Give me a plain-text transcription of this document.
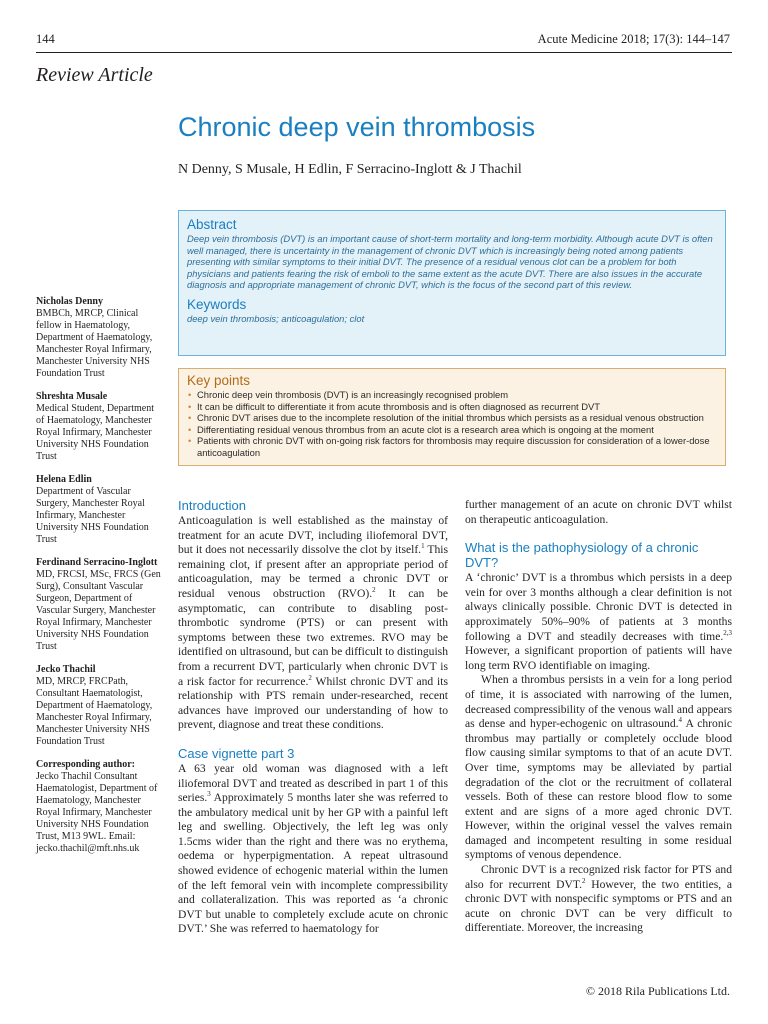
144	Acute Medicine 2018; 17(3): 144–147
Review Article
Chronic deep vein thrombosis
N Denny, S Musale, H Edlin, F Serracino-Inglott & J Thachil
Abstract
Deep vein thrombosis (DVT) is an important cause of short-term mortality and long-term morbidity. Although acute DVT is often well managed, there is uncertainty in the management of chronic DVT which is increasingly being noted among patients presenting with similar symptoms to their initial DVT. The presence of a residual venous clot can be a problem for both physicians and patients fearing the risk of emboli to the same extent as the acute DVT. There are also issues in the accurate diagnosis and appropriate management of chronic DVT, which is the focus of the second part of this review.
Keywords
deep vein thrombosis; anticoagulation; clot
Key points
• Chronic deep vein thrombosis (DVT) is an increasingly recognised problem
• It can be difficult to differentiate it from acute thrombosis and is often diagnosed as recurrent DVT
• Chronic DVT arises due to the incomplete resolution of the initial thrombus which persists as a residual venous obstruction
• Differentiating residual venous thrombus from an acute clot is a research area which is ongoing at the moment
• Patients with chronic DVT with on-going risk factors for thrombosis may require discussion for consideration of a lower-dose anticoagulation
Nicholas Denny
BMBCh, MRCP, Clinical fellow in Haematology, Department of Haematology, Manchester Royal Infirmary, Manchester University NHS Foundation Trust
Shreshta Musale
Medical Student, Department of Haematology, Manchester Royal Infirmary, Manchester University NHS Foundation Trust
Helena Edlin
Department of Vascular Surgery, Manchester Royal Infirmary, Manchester University NHS Foundation Trust
Ferdinand Serracino-Inglott
MD, FRCSI, MSc, FRCS (Gen Surg), Consultant Vascular Surgeon, Department of Vascular Surgery, Manchester Royal Infirmary, Manchester University NHS Foundation Trust
Jecko Thachil
MD, MRCP, FRCPath, Consultant Haematologist, Department of Haematology, Manchester Royal Infirmary, Manchester University NHS Foundation Trust
Corresponding author:
Jecko Thachil Consultant Haematologist, Department of Haematology, Manchester Royal Infirmary, Manchester University NHS Foundation Trust, M13 9WL. Email: jecko.thachil@mft.nhs.uk
Introduction

Anticoagulation is well established as the mainstay of treatment for an acute DVT, including iliofemoral DVT, but it does not necessarily dissolve the clot by itself.$^1$ This remaining clot, if present after an appropriate period of anticoagulation, may be termed a chronic DVT or residual venous obstruction (RVO).$^2$ It can be asymptomatic, can contribute to disabling post-thrombotic syndrome (PTS) or can present with symptoms between these two extremes. RVO may be identified on ultrasound, but can be difficult to distinguish from a recurrent DVT, particularly when chronic DVT is a risk factor for recurrence.$^2$ Whilst chronic DVT and its relationship with PTS remain under-researched, recent advances have improved our understanding of how to prevent, diagnose and treat these conditions.

Case vignette part 3

A 63 year old woman was diagnosed with a left iliofemoral DVT and treated as described in part 1 of this series.$^3$ Approximately 5 months later she was referred to the ambulatory medical unit by her GP with a painful left leg and swelling. Objectively, the left leg was only 1.5cms wider than the right and there was no erythema, oedema or hyperpigmentation. A repeat ultrasound showed evidence of echogenic material within the lumen of the left femoral vein with incomplete compressibility and collateralization. This was reported as ‘a chronic DVT but unable to completely exclude acute on chronic DVT.’ She was referred to haematology for

further management of an acute on chronic DVT whilst on therapeutic anticoagulation.

What is the pathophysiology of a chronic DVT?

A ‘chronic’ DVT is a thrombus which persists in a deep vein for over 3 months although a clear definition is not always clinically possible. Chronic DVT is detected in approximately 50%–90% of patients at 3 months following a DVT and steadily decreases with time.$^{2,3}$ However, a significant proportion of patients will have long term RVO identifiable on imaging.

When a thrombus persists in a vein for a long period of time, it is associated with narrowing of the lumen, decreased compressibility of the venous wall and appears as dense and hyper-echogenic on ultrasound.$^4$ A chronic thrombus may partially or completely occlude blood flow causing similar symptoms to that of an acute DVT. Over time, symptoms may be alleviated by partial degradation of the clot or the recruitment of collateral vessels. Both of these can restore blood flow to some extent and are signs of a more aged chronic DVT. However, within the original vessel the valves remain damaged and incompetent resulting in some residual symptoms of venous dependence.

Chronic DVT is a recognized risk factor for PTS and also for recurrent DVT.$^2$ However, the two entities, a chronic DVT with nonspecific symptoms or PTS and an acute on chronic DVT can be very difficult to differentiate. Moreover, the increasing

© 2018 Rila Publications Ltd.
